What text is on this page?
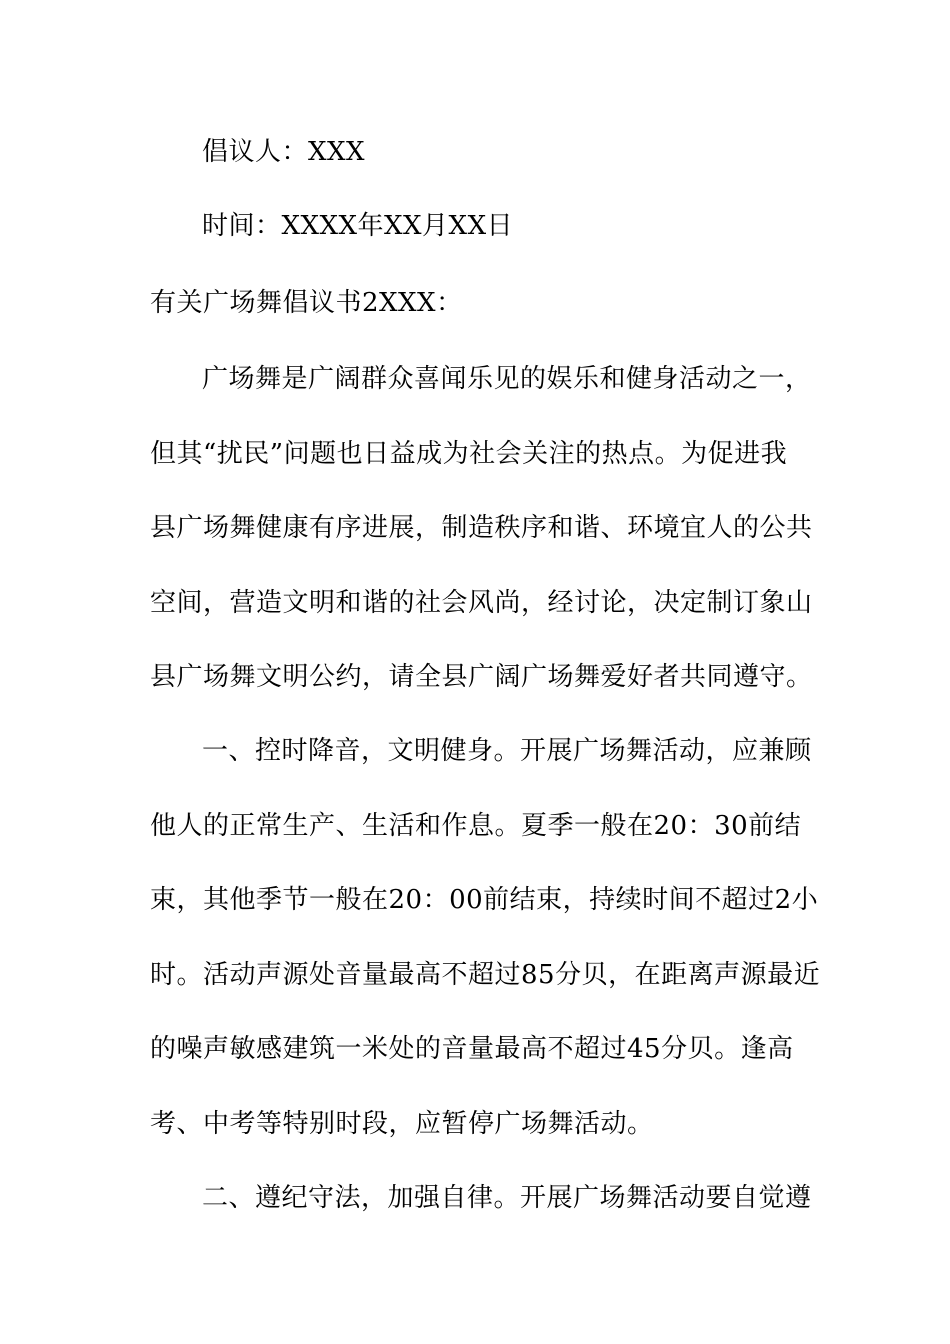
倡议人：XXX
时间：XXXX年XX月XX日
有关广场舞倡议书2XXX：
广场舞是广阔群众喜闻乐见的娱乐和健身活动之一，
但其“扰民”问题也日益成为社会关注的热点。为促进我
县广场舞健康有序进展，制造秩序和谐、环境宜人的公共
空间，营造文明和谐的社会风尚，经讨论，决定制订象山
县广场舞文明公约，请全县广阔广场舞爱好者共同遵守。
一、控时降音，文明健身。开展广场舞活动，应兼顾
他人的正常生产、生活和作息。夏季一般在20：30前结
束，其他季节一般在20：00前结束，持续时间不超过2小
时。活动声源处音量最高不超过85分贝，在距离声源最近
的噪声敏感建筑一米处的音量最高不超过45分贝。逢高
考、中考等特别时段，应暂停广场舞活动。
二、遵纪守法，加强自律。开展广场舞活动要自觉遵
